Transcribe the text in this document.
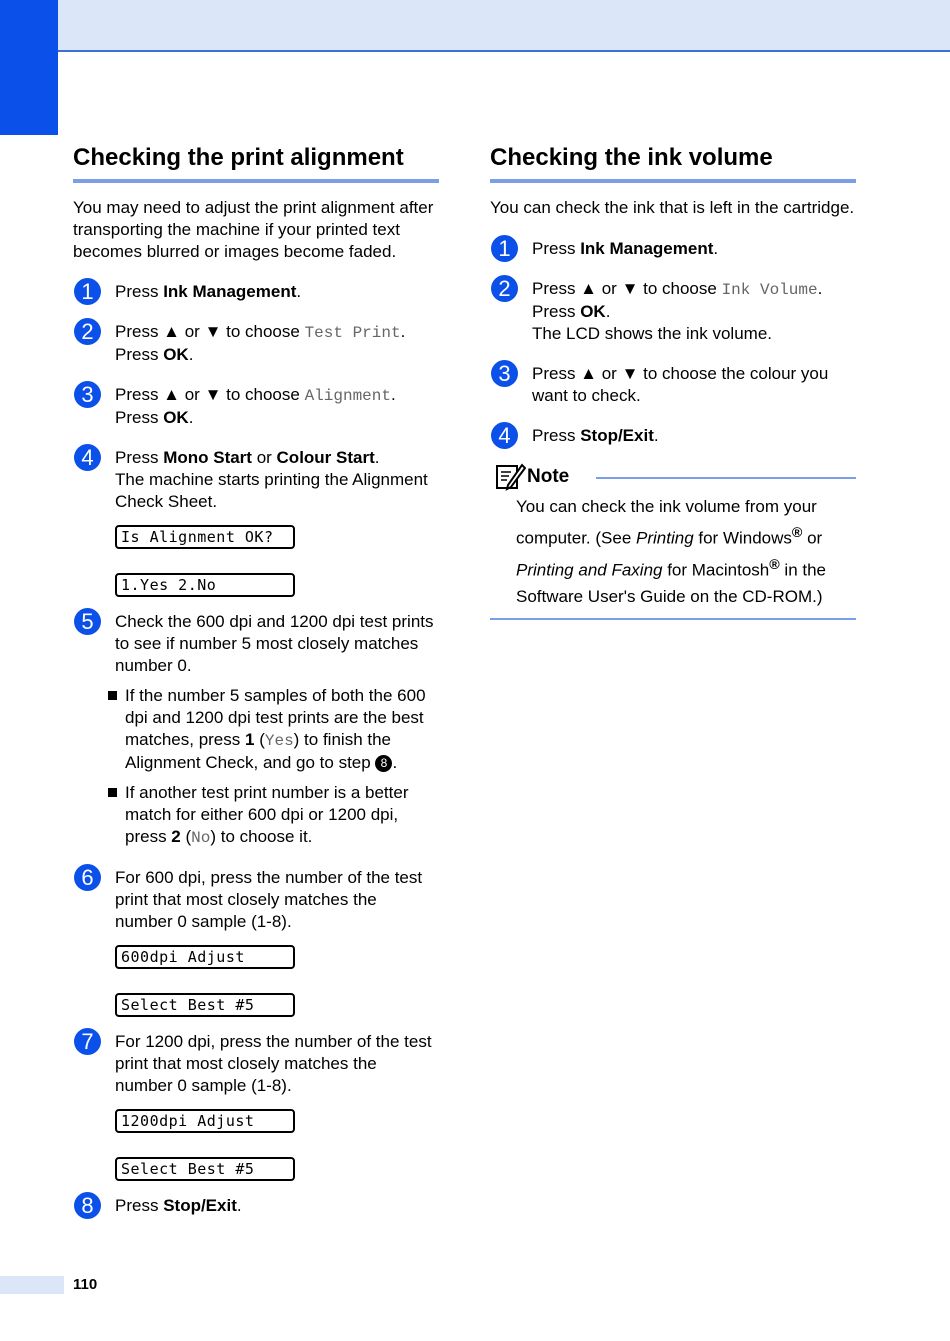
Checking the print alignment

You may need to adjust the print alignment after transporting the machine if your printed text becomes blurred or images become faded.

1	Press Ink Management.
2	Press ▲ or ▼ to choose Test Print.
Press OK.
3	Press ▲ or ▼ to choose Alignment.
Press OK.
4	Press Mono Start or Colour Start.
The machine starts printing the Alignment Check Sheet.
Is Alignment OK?
1.Yes 2.No
5	Check the 600 dpi and 1200 dpi test prints to see if number 5 most closely matches number 0.
If the number 5 samples of both the 600 dpi and 1200 dpi test prints are the best matches, press 1 (Yes) to finish the Alignment Check, and go to step 8 .
If another test print number is a better match for either 600 dpi or 1200 dpi, press 2 (No) to choose it.
6	For 600 dpi, press the number of the test print that most closely matches the number 0 sample (1-8).
600dpi Adjust
Select Best #5
7	For 1200 dpi, press the number of the test print that most closely matches the number 0 sample (1-8).
1200dpi Adjust
Select Best #5
8	Press Stop/Exit.
Checking the ink volume

You can check the ink that is left in the cartridge.

1	Press Ink Management.
2	Press ▲ or ▼ to choose Ink Volume.
Press OK.
The LCD shows the ink volume.
3	Press ▲ or ▼ to choose the colour you want to check.
4	Press Stop/Exit.
Note
You can check the ink volume from your computer. (See Printing for Windows® or Printing and Faxing for Macintosh® in the Software User's Guide on the CD-ROM.)
110
